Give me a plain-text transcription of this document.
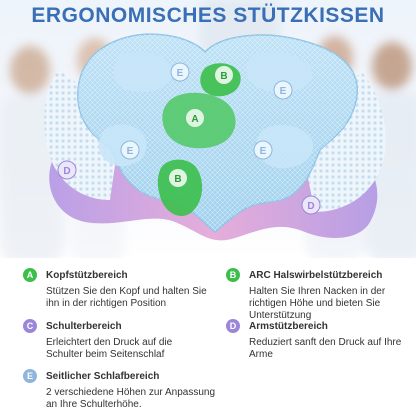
E	B
E
A
E	E
B
D
D
ERGONOMISCHES STÜTZKISSEN
A	Kopfstützbereich
Stützen Sie den Kopf und halten Sie ihn in der richtigen Position
B	ARC Halswirbelstützbereich
Halten Sie Ihren Nacken in der richtigen Höhe und bieten Sie Unterstützung
C	Schulterbereich
Erleichtert den Druck auf die Schulter beim Seitenschlaf
D	Armstützbereich
Reduziert sanft den Druck auf Ihre Arme
E	Seitlicher Schlafbereich
2 verschiedene Höhen zur Anpassung an Ihre Schulterhöhe.
